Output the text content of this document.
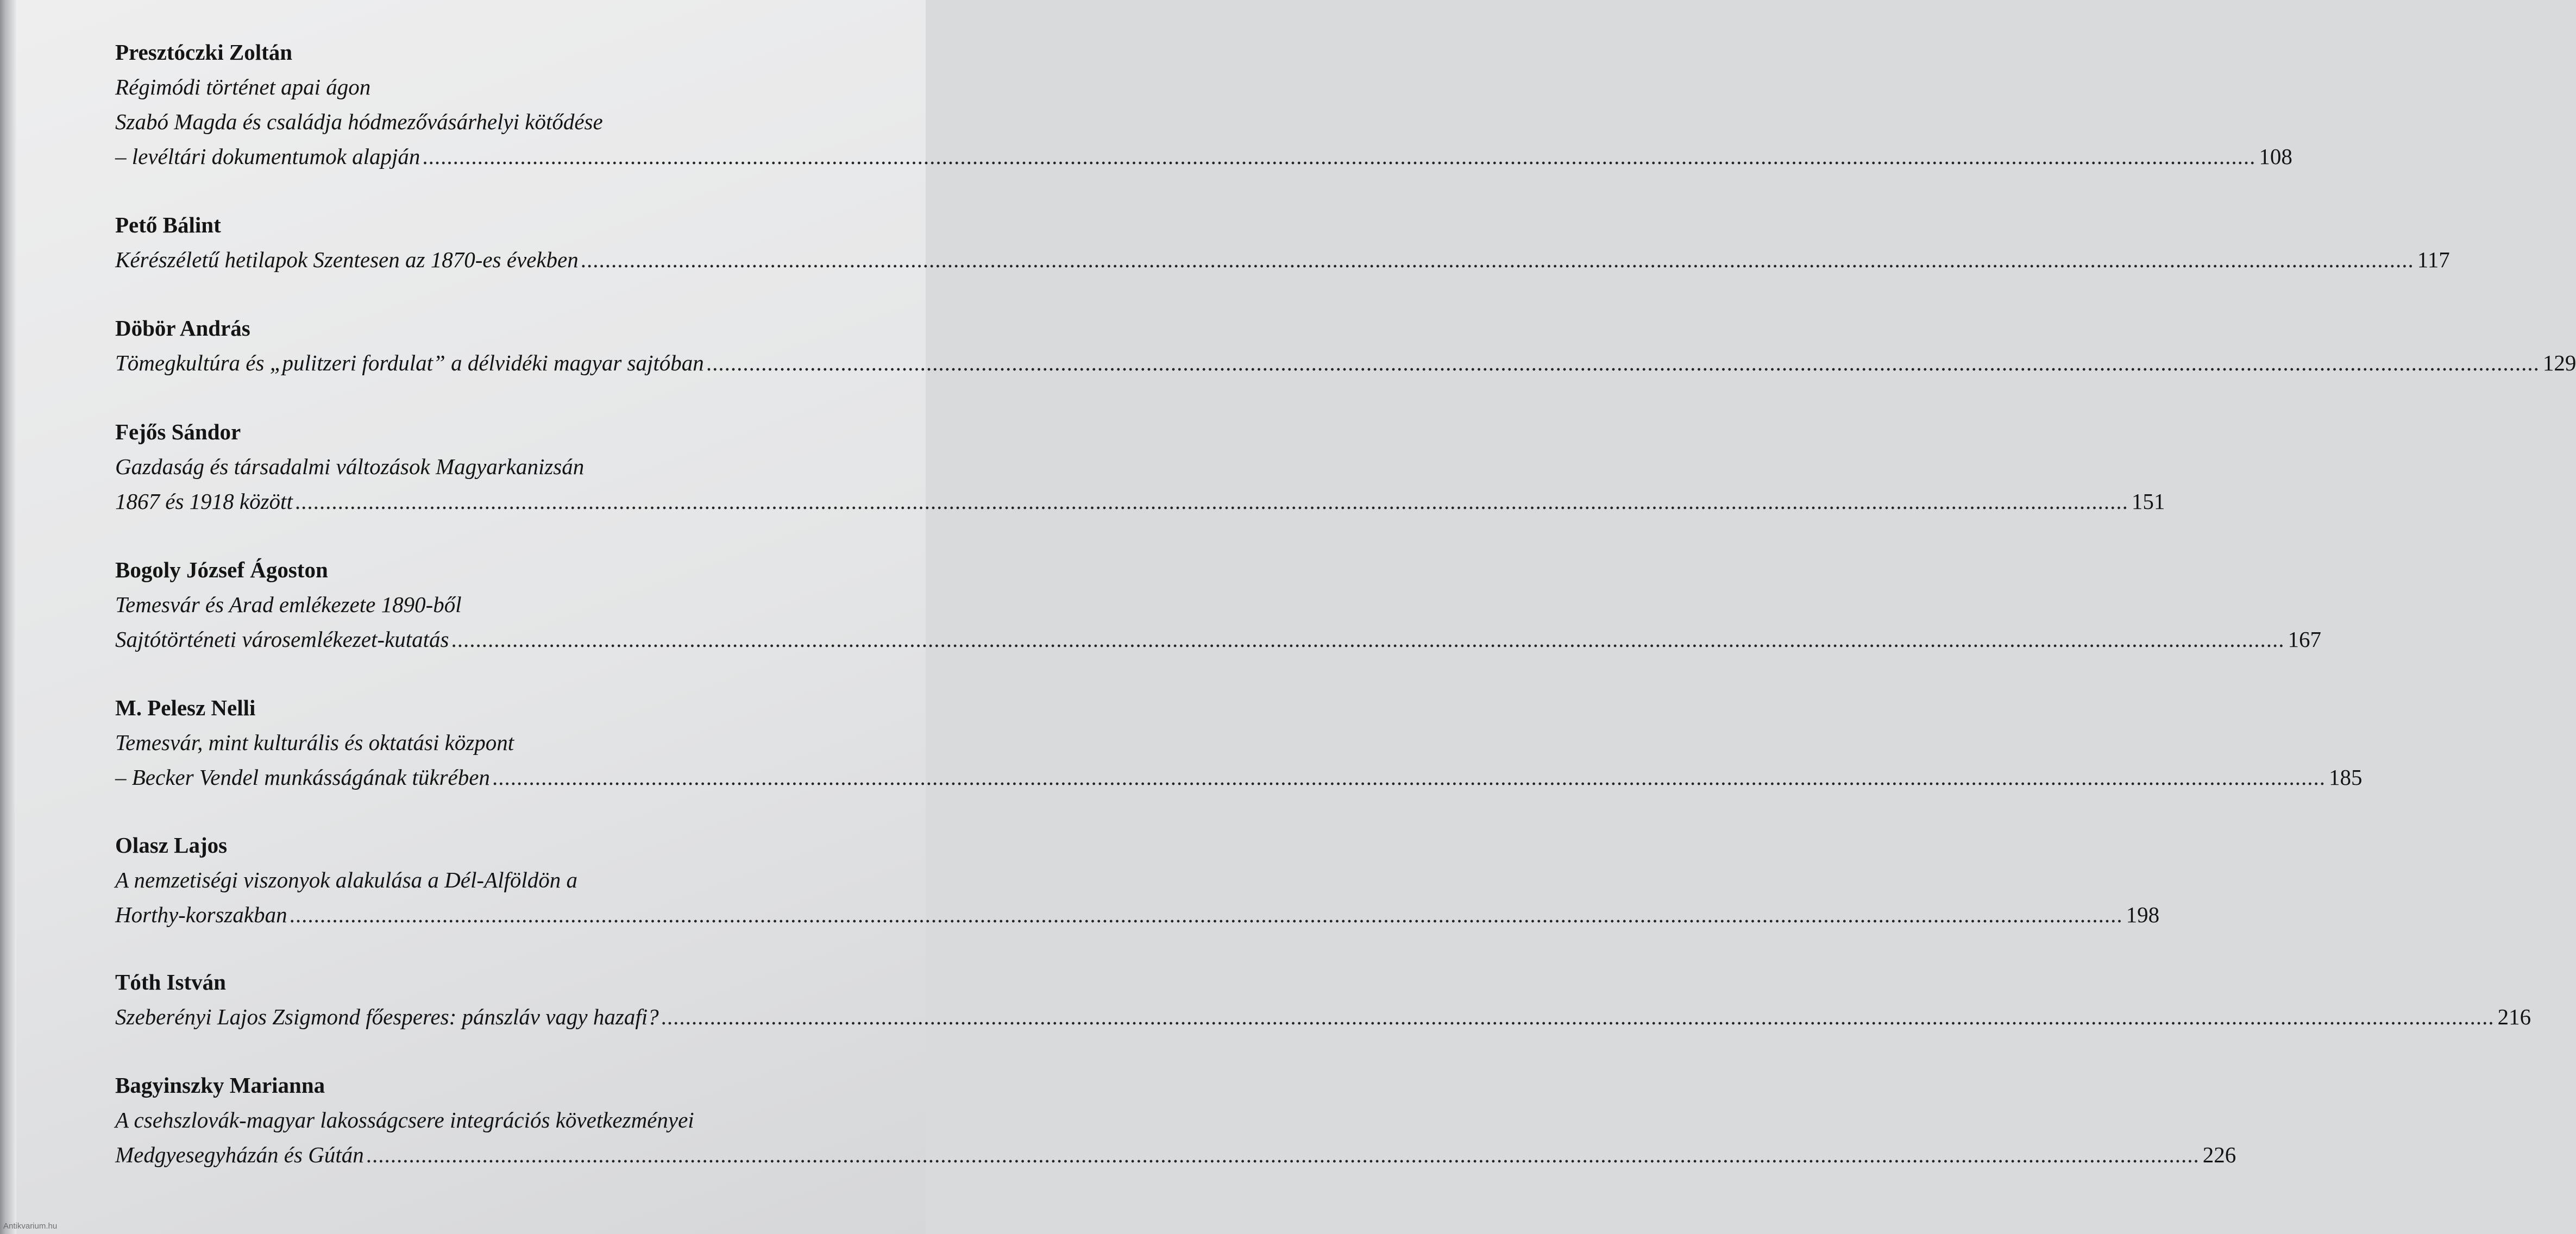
Presztóczki Zoltán
Régimódi történet apai ágon
Szabó Magda és családja hódmezővásárhelyi kötődése
– levéltári dokumentumok alapján ............................................................................................................................................................................................................................................................................................................ 108
Pető Bálint
Kérészéletű hetilapok Szentesen az 1870-es években ............................................................................................................................................................................................................................................................................................................ 117
Döbör András
Tömegkultúra és „pulitzeri fordulat” a délvidéki magyar sajtóban ............................................................................................................................................................................................................................................................................................................ 129
Fejős Sándor
Gazdaság és társadalmi változások Magyarkanizsán
1867 és 1918 között ............................................................................................................................................................................................................................................................................................................ 151
Bogoly József Ágoston
Temesvár és Arad emlékezete 1890-ből
Sajtótörténeti városemlékezet-kutatás ............................................................................................................................................................................................................................................................................................................ 167
M. Pelesz Nelli
Temesvár, mint kulturális és oktatási központ
– Becker Vendel munkásságának tükrében ............................................................................................................................................................................................................................................................................................................ 185
Olasz Lajos
A nemzetiségi viszonyok alakulása a Dél-Alföldön a
Horthy-korszakban ............................................................................................................................................................................................................................................................................................................ 198
Tóth István
Szeberényi Lajos Zsigmond főesperes: pánszláv vagy hazafi? ............................................................................................................................................................................................................................................................................................................ 216
Bagyinszky Marianna
A csehszlovák-magyar lakosságcsere integrációs következményei
Medgyesegyházán és Gútán ............................................................................................................................................................................................................................................................................................................ 226
Antikvarium.hu
